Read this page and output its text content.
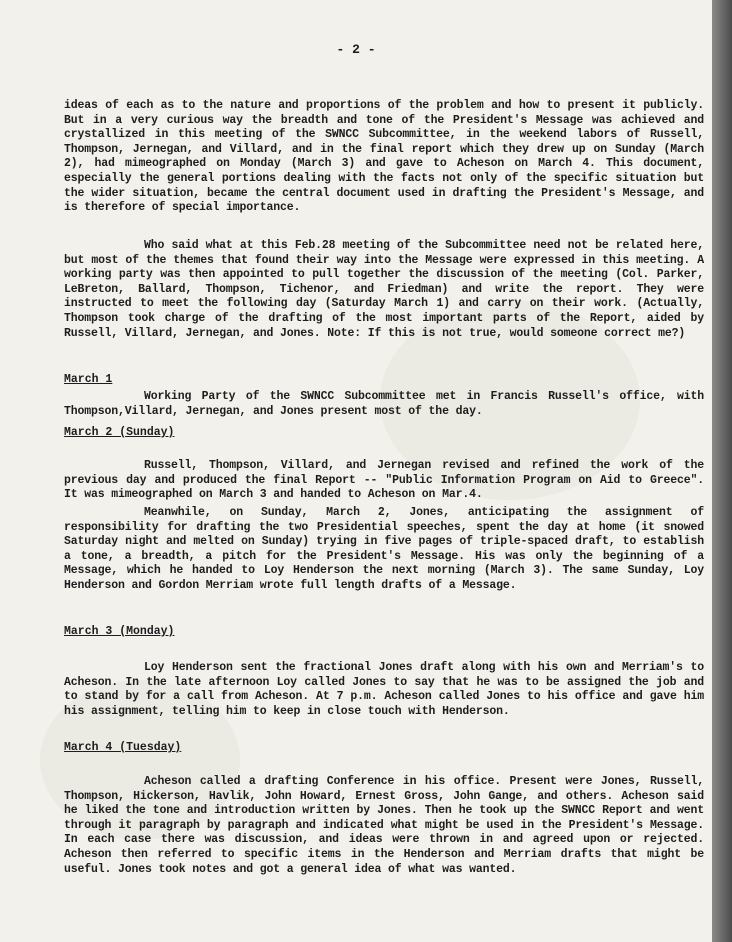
- 2 -

ideas of each as to the nature and proportions of the problem and how to present it publicly. But in a very curious way the breadth and tone of the President's Message was achieved and crystallized in this meeting of the SWNCC Subcommittee, in the weekend labors of Russell, Thompson, Jernegan, and Villard, and in the final report which they drew up on Sunday (March 2), had mimeographed on Monday (March 3) and gave to Acheson on March 4. This document, especially the general portions dealing with the facts not only of the specific situation but the wider situation, became the central document used in drafting the President's Message, and is therefore of special importance.

Who said what at this Feb.28 meeting of the Subcommittee need not be related here, but most of the themes that found their way into the Message were expressed in this meeting. A working party was then appointed to pull together the discussion of the meeting (Col. Parker, LeBreton, Ballard, Thompson, Tichenor, and Friedman) and write the report. They were instructed to meet the following day (Saturday March 1) and carry on their work. (Actually, Thompson took charge of the drafting of the most important parts of the Report, aided by Russell, Villard, Jernegan, and Jones. Note: If this is not true, would someone correct me?)

March 1

Working Party of the SWNCC Subcommittee met in Francis Russell's office, with Thompson,Villard, Jernegan, and Jones present most of the day.

March 2 (Sunday)

Russell, Thompson, Villard, and Jernegan revised and refined the work of the previous day and produced the final Report -- "Public Information Program on Aid to Greece". It was mimeographed on March 3 and handed to Acheson on Mar.4.

Meanwhile, on Sunday, March 2, Jones, anticipating the assignment of responsibility for drafting the two Presidential speeches, spent the day at home (it snowed Saturday night and melted on Sunday) trying in five pages of triple-spaced draft, to establish a tone, a breadth, a pitch for the President's Message. His was only the beginning of a Message, which he handed to Loy Henderson the next morning (March 3). The same Sunday, Loy Henderson and Gordon Merriam wrote full length drafts of a Message.

March 3 (Monday)

Loy Henderson sent the fractional Jones draft along with his own and Merriam's to Acheson. In the late afternoon Loy called Jones to say that he was to be assigned the job and to stand by for a call from Acheson. At 7 p.m. Acheson called Jones to his office and gave him his assignment, telling him to keep in close touch with Henderson.

March 4 (Tuesday)

Acheson called a drafting Conference in his office. Present were Jones, Russell, Thompson, Hickerson, Havlik, John Howard, Ernest Gross, John Gange, and others. Acheson said he liked the tone and introduction written by Jones. Then he took up the SWNCC Report and went through it paragraph by paragraph and indicated what might be used in the President's Message. In each case there was discussion, and ideas were thrown in and agreed upon or rejected. Acheson then referred to specific items in the Henderson and Merriam drafts that might be useful. Jones took notes and got a general idea of what was wanted.
